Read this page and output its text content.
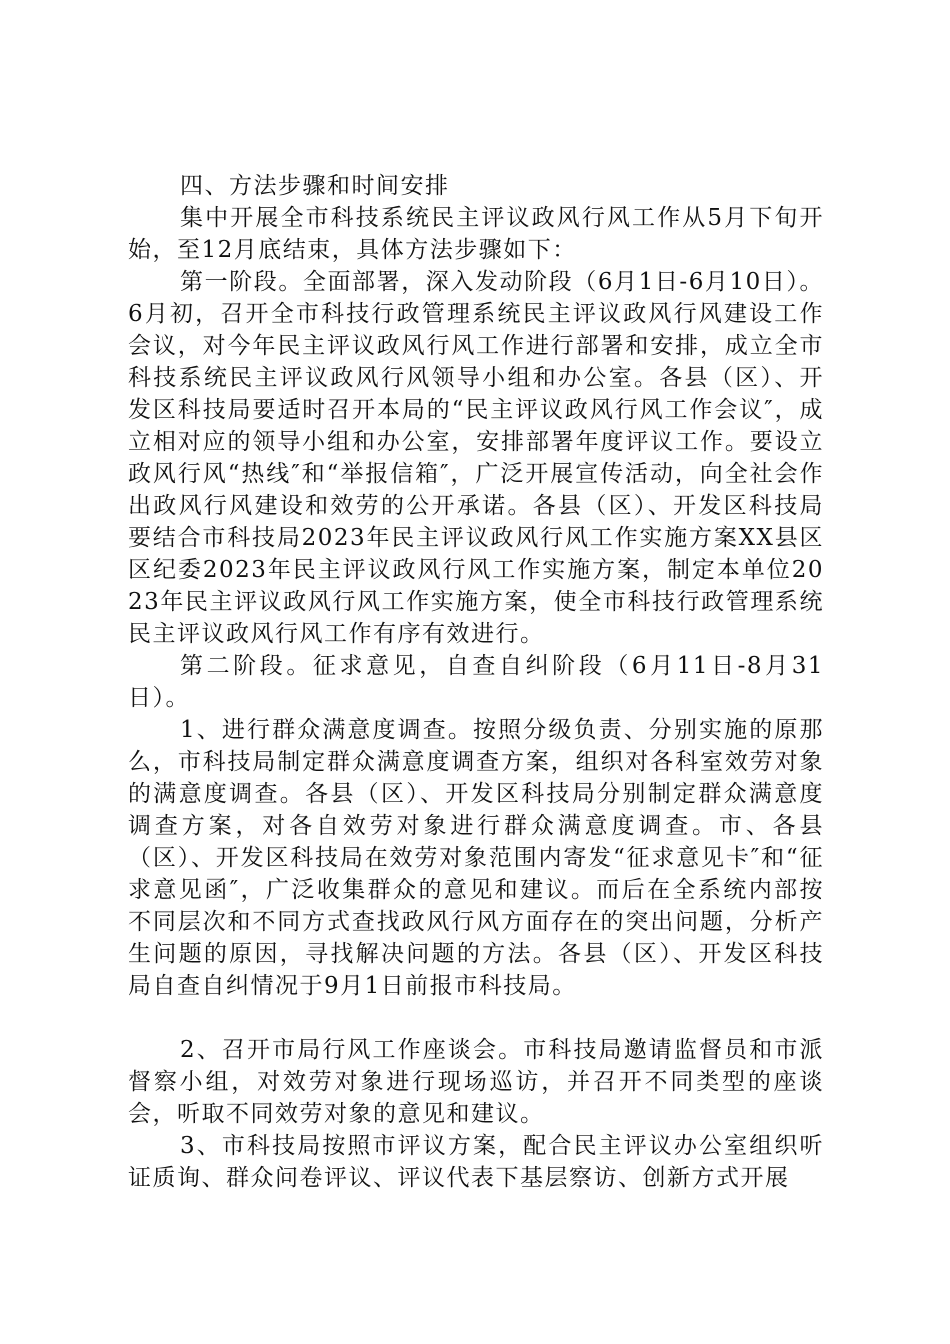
四、方法步骤和时间安排

集中开展全市科技系统民主评议政风行风工作从5月下旬开始，至12月底结束，具体方法步骤如下：

第一阶段。全面部署，深入发动阶段（6月1日-6月10日）。6月初，召开全市科技行政管理系统民主评议政风行风建设工作会议，对今年民主评议政风行风工作进行部署和安排，成立全市科技系统民主评议政风行风领导小组和办公室。各县（区）、开发区科技局要适时召开本局的“民主评议政风行风工作会议″，成立相对应的领导小组和办公室，安排部署年度评议工作。要设立政风行风“热线″和“举报信箱″，广泛开展宣传活动，向全社会作出政风行风建设和效劳的公开承诺。各县（区）、开发区科技局要结合市科技局2023年民主评议政风行风工作实施方案XX县区区纪委2023年民主评议政风行风工作实施方案，制定本单位2023年民主评议政风行风工作实施方案，使全市科技行政管理系统民主评议政风行风工作有序有效进行。

第二阶段。征求意见，自查自纠阶段（6月11日-8月31日）。

1、进行群众满意度调查。按照分级负责、分别实施的原那么，市科技局制定群众满意度调查方案，组织对各科室效劳对象的满意度调查。各县（区）、开发区科技局分别制定群众满意度调查方案，对各自效劳对象进行群众满意度调查。市、各县（区）、开发区科技局在效劳对象范围内寄发“征求意见卡″和“征求意见函″，广泛收集群众的意见和建议。而后在全系统内部按不同层次和不同方式查找政风行风方面存在的突出问题，分析产生问题的原因，寻找解决问题的方法。各县（区）、开发区科技局自查自纠情况于9月1日前报市科技局。

2、召开市局行风工作座谈会。市科技局邀请监督员和市派督察小组，对效劳对象进行现场巡访，并召开不同类型的座谈会，听取不同效劳对象的意见和建议。

3、市科技局按照市评议方案，配合民主评议办公室组织听证质询、群众问卷评议、评议代表下基层察访、创新方式开展
